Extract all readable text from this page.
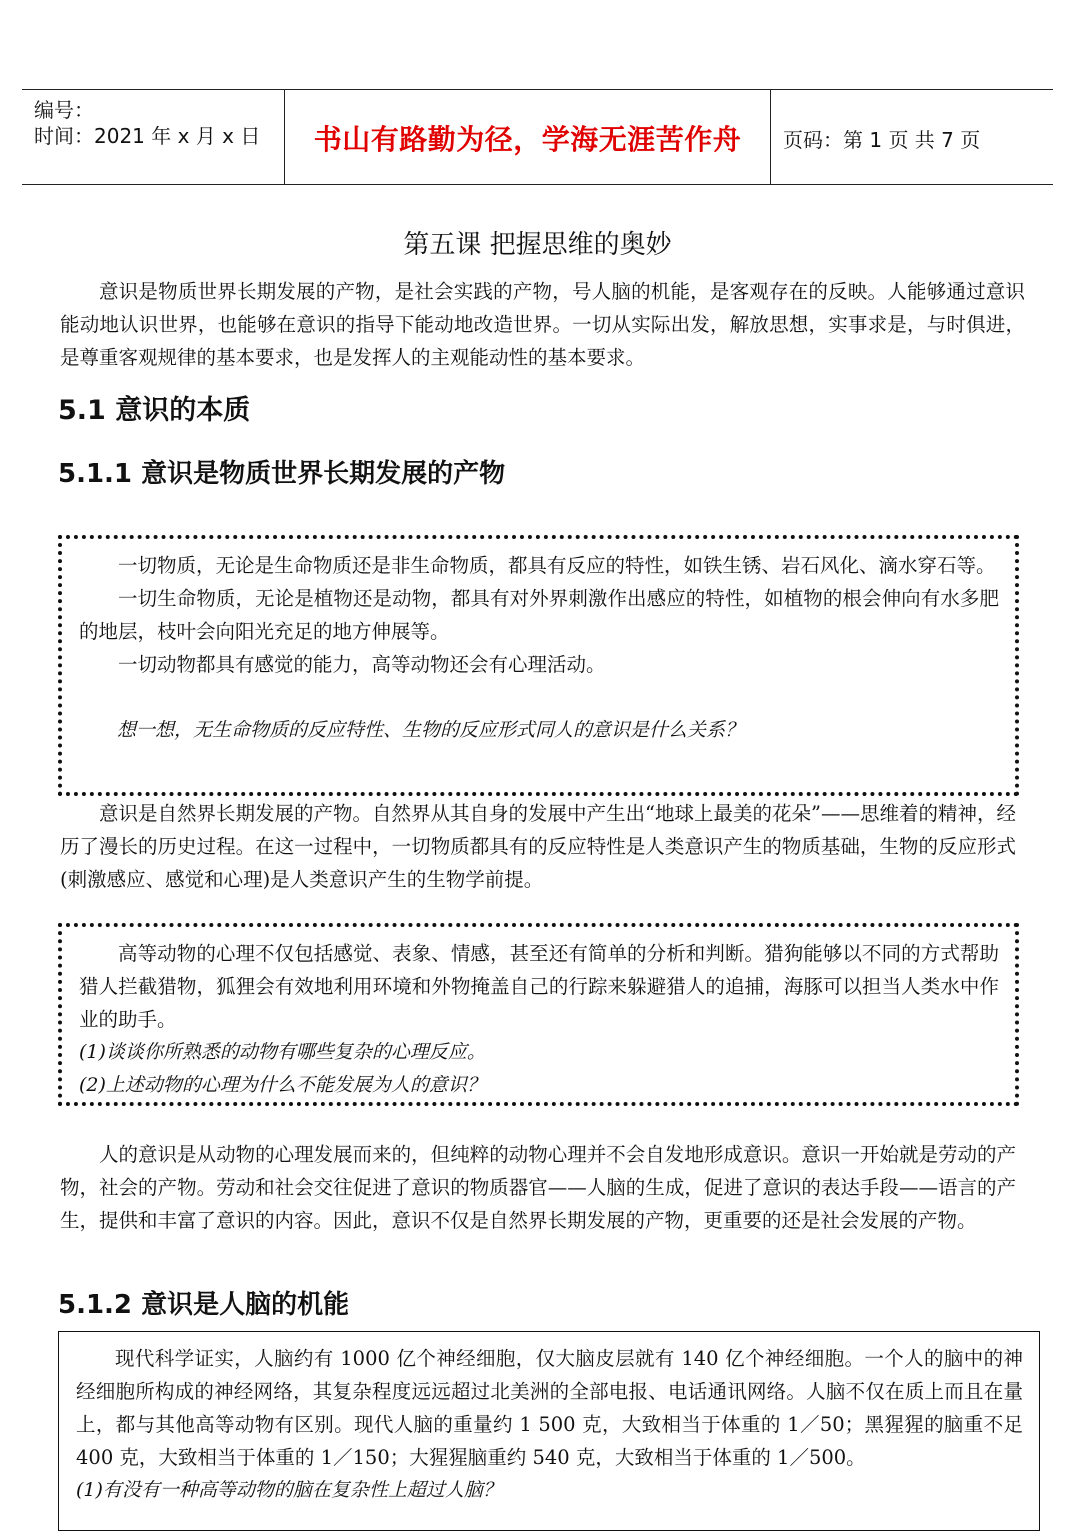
编号：
时间：2021 年 x 月 x 日	书山有路勤为径，学海无涯苦作舟	页码：第 1 页 共 7 页
第五课 把握思维的奥妙

意识是物质世界长期发展的产物，是社会实践的产物，号人脑的机能，是客观存在的反映。人能够通过意识能动地认识世界，也能够在意识的指导下能动地改造世界。一切从实际出发，解放思想，实事求是，与时俱进，是尊重客观规律的基本要求，也是发挥人的主观能动性的基本要求。

5.1 意识的本质
5.1.1 意识是物质世界长期发展的产物

一切物质，无论是生命物质还是非生命物质，都具有反应的特性，如铁生锈、岩石风化、滴水穿石等。

一切生命物质，无论是植物还是动物，都具有对外界刺激作出感应的特性，如植物的根会伸向有水多肥的地层，枝叶会向阳光充足的地方伸展等。

一切动物都具有感觉的能力，高等动物还会有心理活动。

想一想，无生命物质的反应特性、生物的反应形式同人的意识是什么关系？

意识是自然界长期发展的产物。自然界从其自身的发展中产生出“地球上最美的花朵”——思维着的精神，经历了漫长的历史过程。在这一过程中，一切物质都具有的反应特性是人类意识产生的物质基础，生物的反应形式(刺激感应、感觉和心理)是人类意识产生的生物学前提。

高等动物的心理不仅包括感觉、表象、情感，甚至还有简单的分析和判断。猎狗能够以不同的方式帮助猎人拦截猎物，狐狸会有效地利用环境和外物掩盖自己的行踪来躲避猎人的追捕，海豚可以担当人类水中作业的助手。

(1)谈谈你所熟悉的动物有哪些复杂的心理反应。

(2)上述动物的心理为什么不能发展为人的意识？

人的意识是从动物的心理发展而来的，但纯粹的动物心理并不会自发地形成意识。意识一开始就是劳动的产物，社会的产物。劳动和社会交往促进了意识的物质器官——人脑的生成，促进了意识的表达手段——语言的产生，提供和丰富了意识的内容。因此，意识不仅是自然界长期发展的产物，更重要的还是社会发展的产物。

5.1.2 意识是人脑的机能

现代科学证实，人脑约有 1000 亿个神经细胞，仅大脑皮层就有 140 亿个神经细胞。一个人的脑中的神经细胞所构成的神经网络，其复杂程度远远超过北美洲的全部电报、电话通讯网络。人脑不仅在质上而且在量上，都与其他高等动物有区别。现代人脑的重量约 1 500 克，大致相当于体重的 1／50；黑猩猩的脑重不足 400 克，大致相当于体重的 1／150；大猩猩脑重约 540 克，大致相当于体重的 1／500。

(1)有没有一种高等动物的脑在复杂性上超过人脑？
